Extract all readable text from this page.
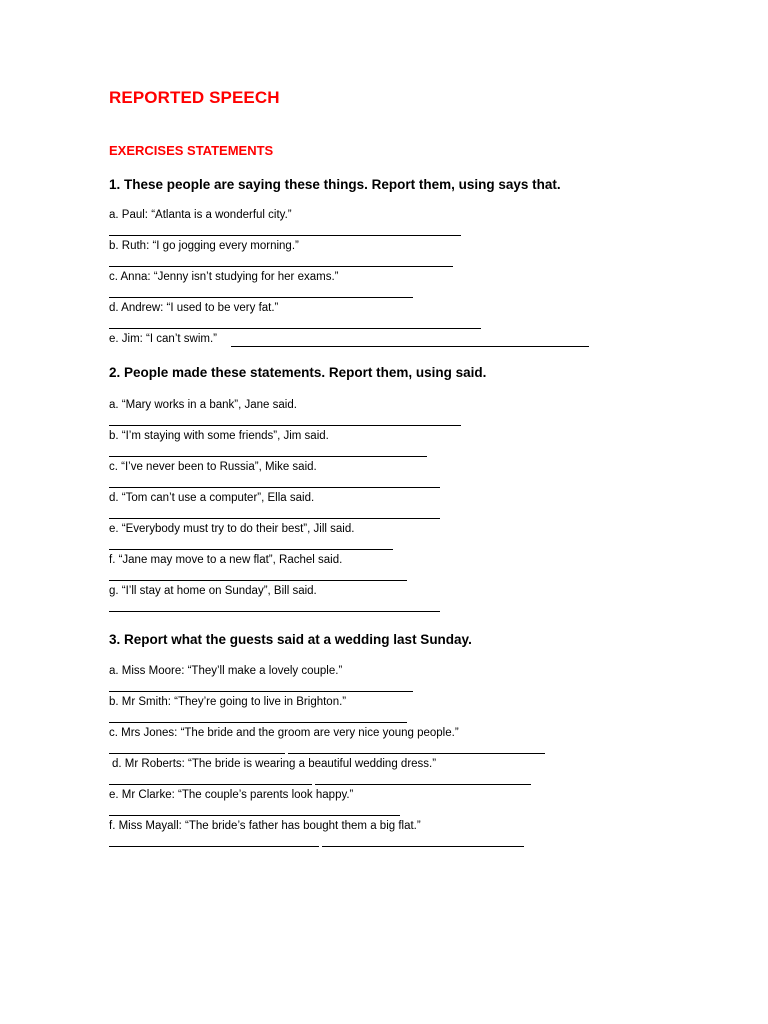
REPORTED SPEECH
EXERCISES STATEMENTS
1. These people are saying these things. Report them, using says that.
a. Paul: “Atlanta is a wonderful city.”
b. Ruth: “I go jogging every morning.”
c. Anna: “Jenny isn’t studying for her exams.”
d. Andrew: “I used to be very fat.”
e. Jim: “I can’t swim.”
2. People made these statements. Report them, using said.
a. “Mary works in a bank”, Jane said.
b. “I’m staying with some friends”, Jim said.
c. “I’ve never been to Russia”, Mike said.
d. “Tom can’t use a computer”, Ella said.
e. “Everybody must try to do their best”, Jill said.
f. “Jane may move to a new flat”, Rachel said.
g. “I’ll stay at home on Sunday”, Bill said.
3. Report what the guests said at a wedding last Sunday.
a. Miss Moore: “They’ll make a lovely couple.”
b. Mr Smith: “They’re going to live in Brighton.”
c. Mrs Jones: “The bride and the groom are very nice young people.”
d. Mr Roberts: “The bride is wearing a beautiful wedding dress.”
e. Mr Clarke: “The couple’s parents look happy.”
f. Miss Mayall: “The bride’s father has bought them a big flat.”
